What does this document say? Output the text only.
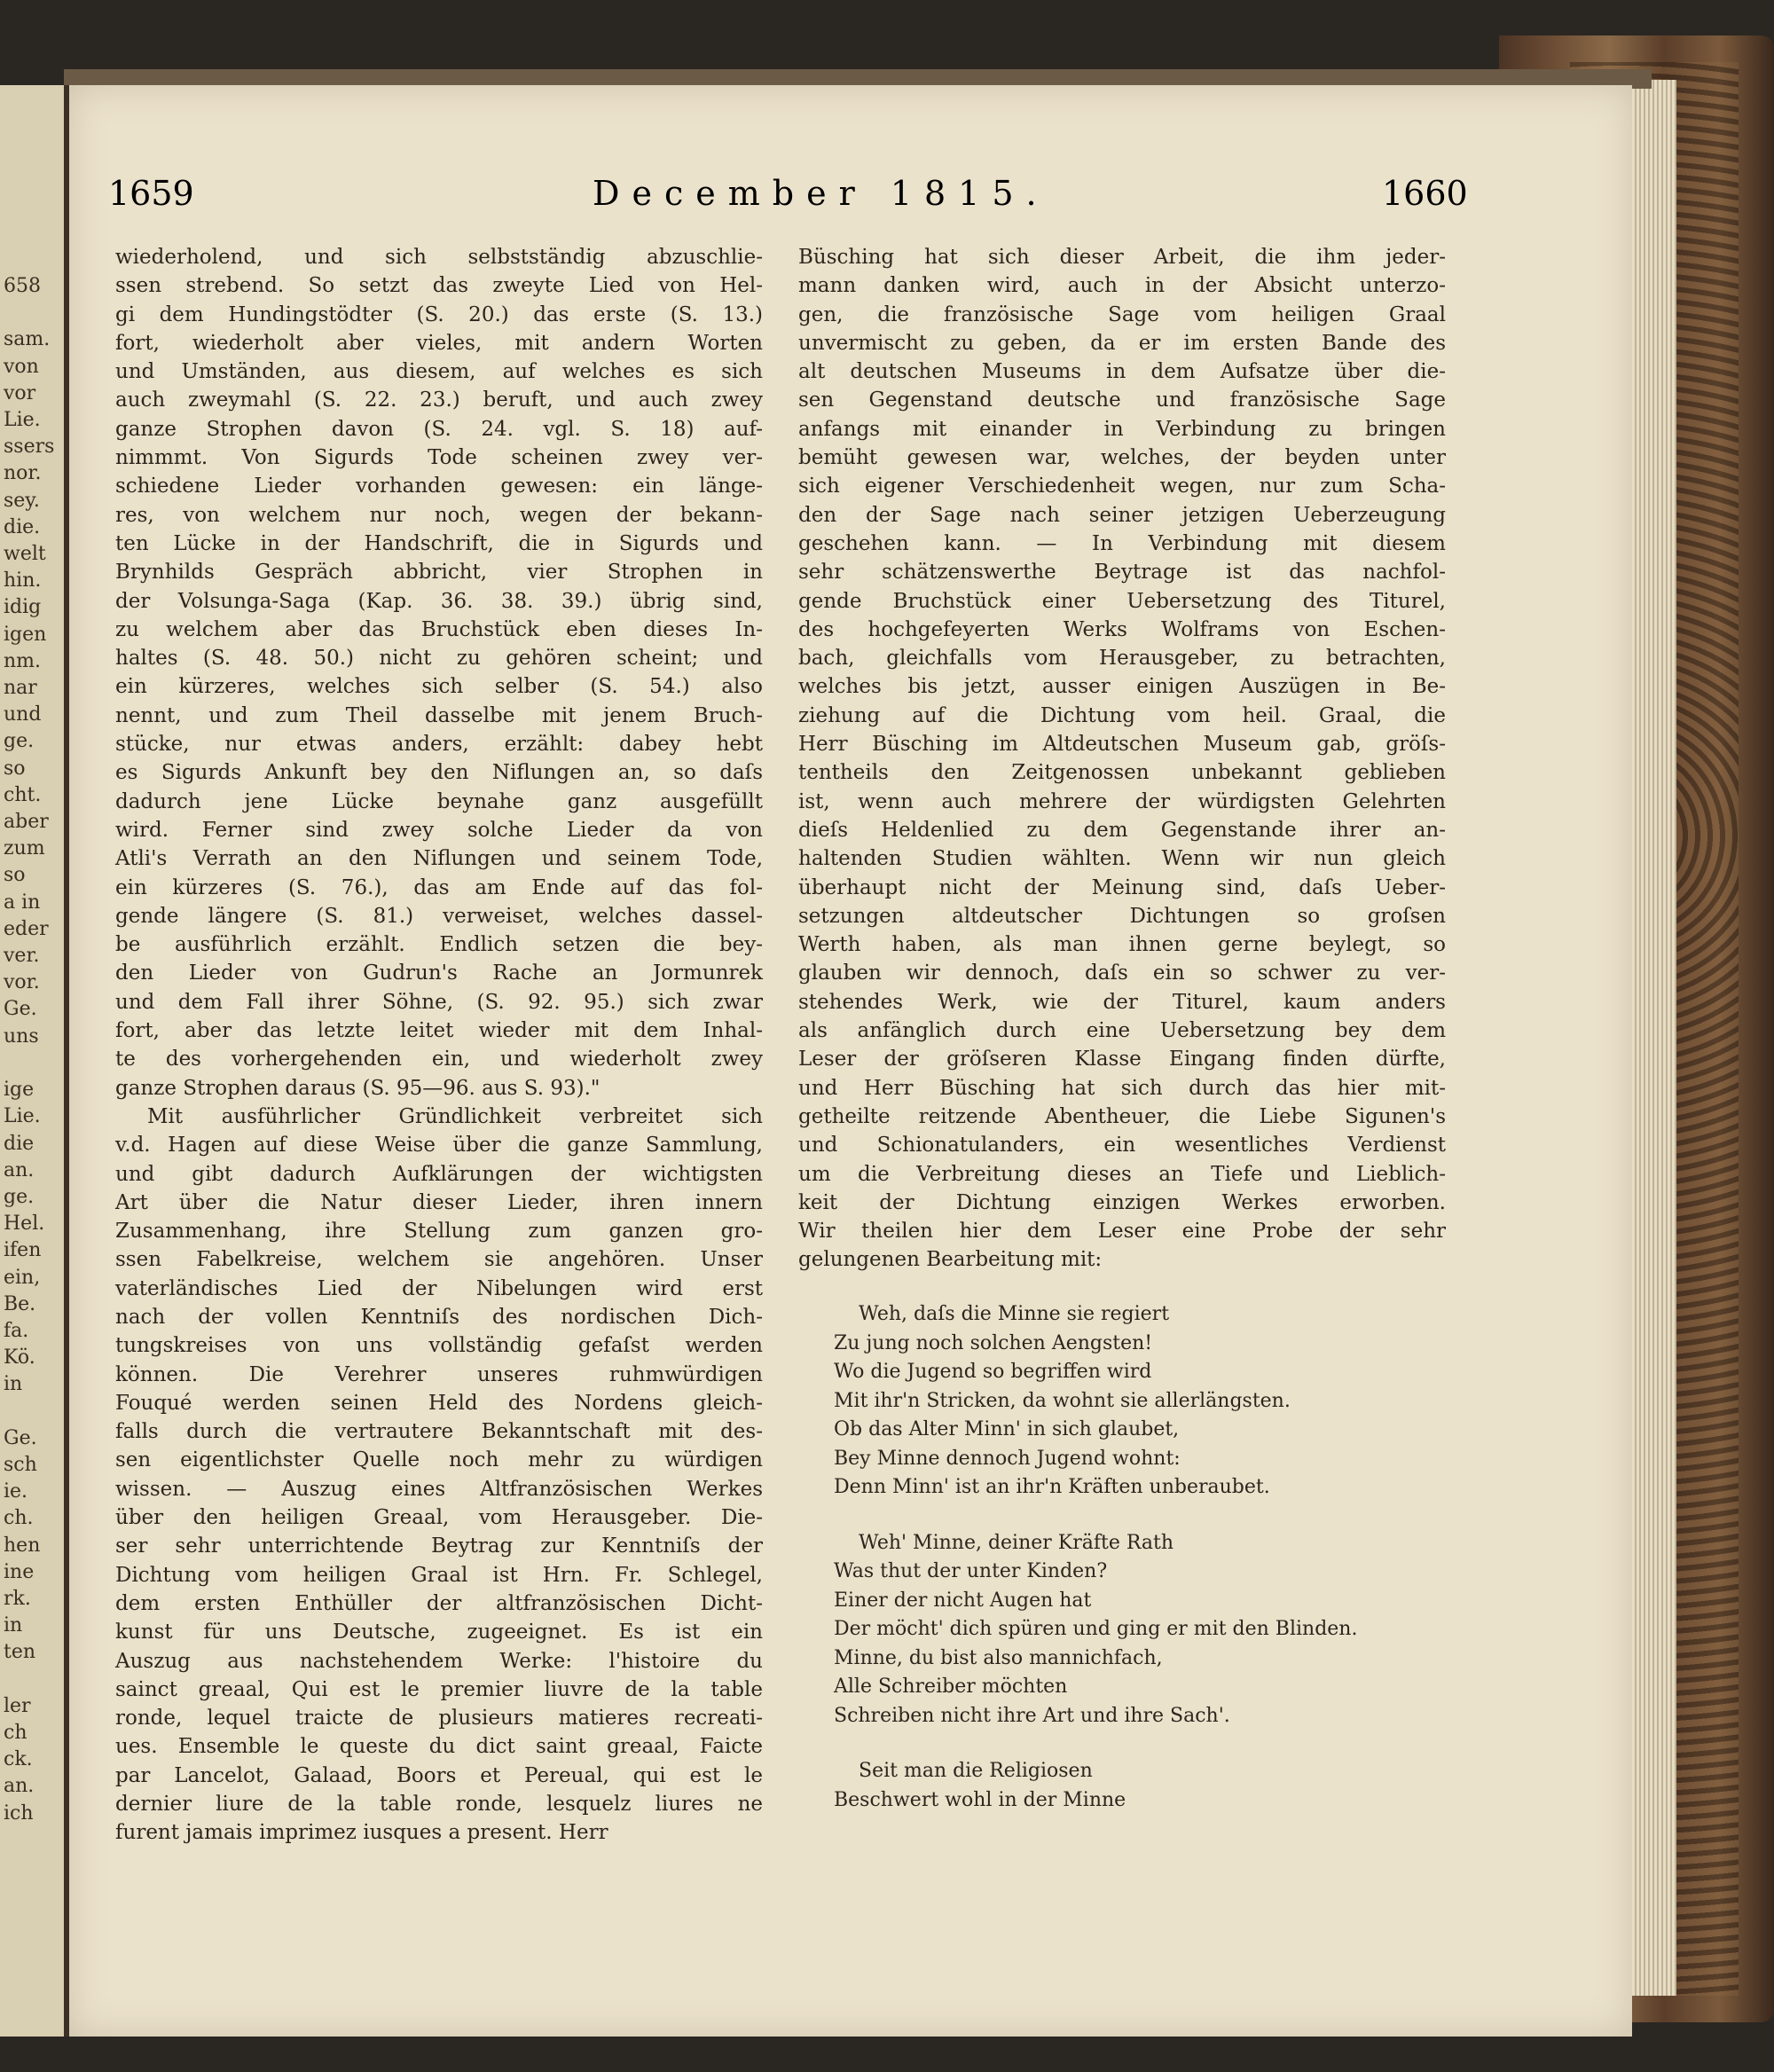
658

sam.
von
vor
Lie.
ssers
nor.
sey.
die.
welt
hin.
idig
igen
nm.
nar
und
ge.
so
cht.
aber
zum
so
a in
eder
ver.
vor.
Ge.
uns

ige
Lie.
die
an.
ge.
Hel.
ifen
ein,
Be.
fa.
Kö.
in

Ge.
sch
ie.
ch.
hen
ine
rk.
in
ten

ler
ch
ck.
an.
ich
1659	December 1815.	1660
wiederholend, und sich selbstständig abzuschlie-
ssen strebend. So setzt das zweyte Lied von Hel-
gi dem Hundingstödter (S. 20.) das erste (S. 13.)
fort, wiederholt aber vieles, mit andern Worten
und Umständen, aus diesem, auf welches es sich
auch zweymahl (S. 22. 23.) beruft, und auch zwey
ganze Strophen davon (S. 24. vgl. S. 18) auf-
nimmmt. Von Sigurds Tode scheinen zwey ver-
schiedene Lieder vorhanden gewesen: ein länge-
res, von welchem nur noch, wegen der bekann-
ten Lücke in der Handschrift, die in Sigurds und
Brynhilds Gespräch abbricht, vier Strophen in
der Volsunga-Saga (Kap. 36. 38. 39.) übrig sind,
zu welchem aber das Bruchstück eben dieses In-
haltes (S. 48. 50.) nicht zu gehören scheint; und
ein kürzeres, welches sich selber (S. 54.) also
nennt, und zum Theil dasselbe mit jenem Bruch-
stücke, nur etwas anders, erzählt: dabey hebt
es Sigurds Ankunft bey den Niflungen an, so daſs
dadurch jene Lücke beynahe ganz ausgefüllt
wird. Ferner sind zwey solche Lieder da von
Atli's Verrath an den Niflungen und seinem Tode,
ein kürzeres (S. 76.), das am Ende auf das fol-
gende längere (S. 81.) verweiset, welches dassel-
be ausführlich erzählt. Endlich setzen die bey-
den Lieder von Gudrun's Rache an Jormunrek
und dem Fall ihrer Söhne, (S. 92. 95.) sich zwar
fort, aber das letzte leitet wieder mit dem Inhal-
te des vorhergehenden ein, und wiederholt zwey
ganze Strophen daraus (S. 95—96. aus S. 93)."
Mit ausführlicher Gründlichkeit verbreitet sich
v.d. Hagen auf diese Weise über die ganze Sammlung,
und gibt dadurch Aufklärungen der wichtigsten
Art über die Natur dieser Lieder, ihren innern
Zusammenhang, ihre Stellung zum ganzen gro-
ssen Fabelkreise, welchem sie angehören. Unser
vaterländisches Lied der Nibelungen wird erst
nach der vollen Kenntniſs des nordischen Dich-
tungskreises von uns vollständig gefaſst werden
können. Die Verehrer unseres ruhmwürdigen
Fouqué werden seinen Held des Nordens gleich-
falls durch die vertrautere Bekanntschaft mit des-
sen eigentlichster Quelle noch mehr zu würdigen
wissen. — Auszug eines Altfranzösischen Werkes
über den heiligen Greaal, vom Herausgeber. Die-
ser sehr unterrichtende Beytrag zur Kenntniſs der
Dichtung vom heiligen Graal ist Hrn. Fr. Schlegel,
dem ersten Enthüller der altfranzösischen Dicht-
kunst für uns Deutsche, zugeeignet. Es ist ein
Auszug aus nachstehendem Werke: l'histoire du
sainct greaal, Qui est le premier liuvre de la table
ronde, lequel traicte de plusieurs matieres recreati-
ues. Ensemble le queste du dict saint greaal, Faicte
par Lancelot, Galaad, Boors et Pereual, qui est le
dernier liure de la table ronde, lesquelz liures ne
furent jamais imprimez iusques a present. Herr
Büsching hat sich dieser Arbeit, die ihm jeder-
mann danken wird, auch in der Absicht unterzo-
gen, die französische Sage vom heiligen Graal
unvermischt zu geben, da er im ersten Bande des
alt deutschen Museums in dem Aufsatze über die-
sen Gegenstand deutsche und französische Sage
anfangs mit einander in Verbindung zu bringen
bemüht gewesen war, welches, der beyden unter
sich eigener Verschiedenheit wegen, nur zum Scha-
den der Sage nach seiner jetzigen Ueberzeugung
geschehen kann. — In Verbindung mit diesem
sehr schätzenswerthe Beytrage ist das nachfol-
gende Bruchstück einer Uebersetzung des Titurel,
des hochgefeyerten Werks Wolframs von Eschen-
bach, gleichfalls vom Herausgeber, zu betrachten,
welches bis jetzt, ausser einigen Auszügen in Be-
ziehung auf die Dichtung vom heil. Graal, die
Herr Büsching im Altdeutschen Museum gab, gröſs-
tentheils den Zeitgenossen unbekannt geblieben
ist, wenn auch mehrere der würdigsten Gelehrten
dieſs Heldenlied zu dem Gegenstande ihrer an-
haltenden Studien wählten. Wenn wir nun gleich
überhaupt nicht der Meinung sind, daſs Ueber-
setzungen altdeutscher Dichtungen so groſsen
Werth haben, als man ihnen gerne beylegt, so
glauben wir dennoch, daſs ein so schwer zu ver-
stehendes Werk, wie der Titurel, kaum anders
als anfänglich durch eine Uebersetzung bey dem
Leser der gröſseren Klasse Eingang finden dürfte,
und Herr Büsching hat sich durch das hier mit-
getheilte reitzende Abentheuer, die Liebe Sigunen's
und Schionatulanders, ein wesentliches Verdienst
um die Verbreitung dieses an Tiefe und Lieblich-
keit der Dichtung einzigen Werkes erworben.
Wir theilen hier dem Leser eine Probe der sehr
gelungenen Bearbeitung mit:
Weh, daſs die Minne sie regiert
Zu jung noch solchen Aengsten!
Wo die Jugend so begriffen wird
Mit ihr'n Stricken, da wohnt sie allerlängsten.
Ob das Alter Minn' in sich glaubet,
Bey Minne dennoch Jugend wohnt:
Denn Minn' ist an ihr'n Kräften unberaubet.
Weh' Minne, deiner Kräfte Rath
Was thut der unter Kinden?
Einer der nicht Augen hat
Der möcht' dich spüren und ging er mit den Blinden.
Minne, du bist also mannichfach,
Alle Schreiber möchten
Schreiben nicht ihre Art und ihre Sach'.
Seit man die Religiosen
Beschwert wohl in der Minne
